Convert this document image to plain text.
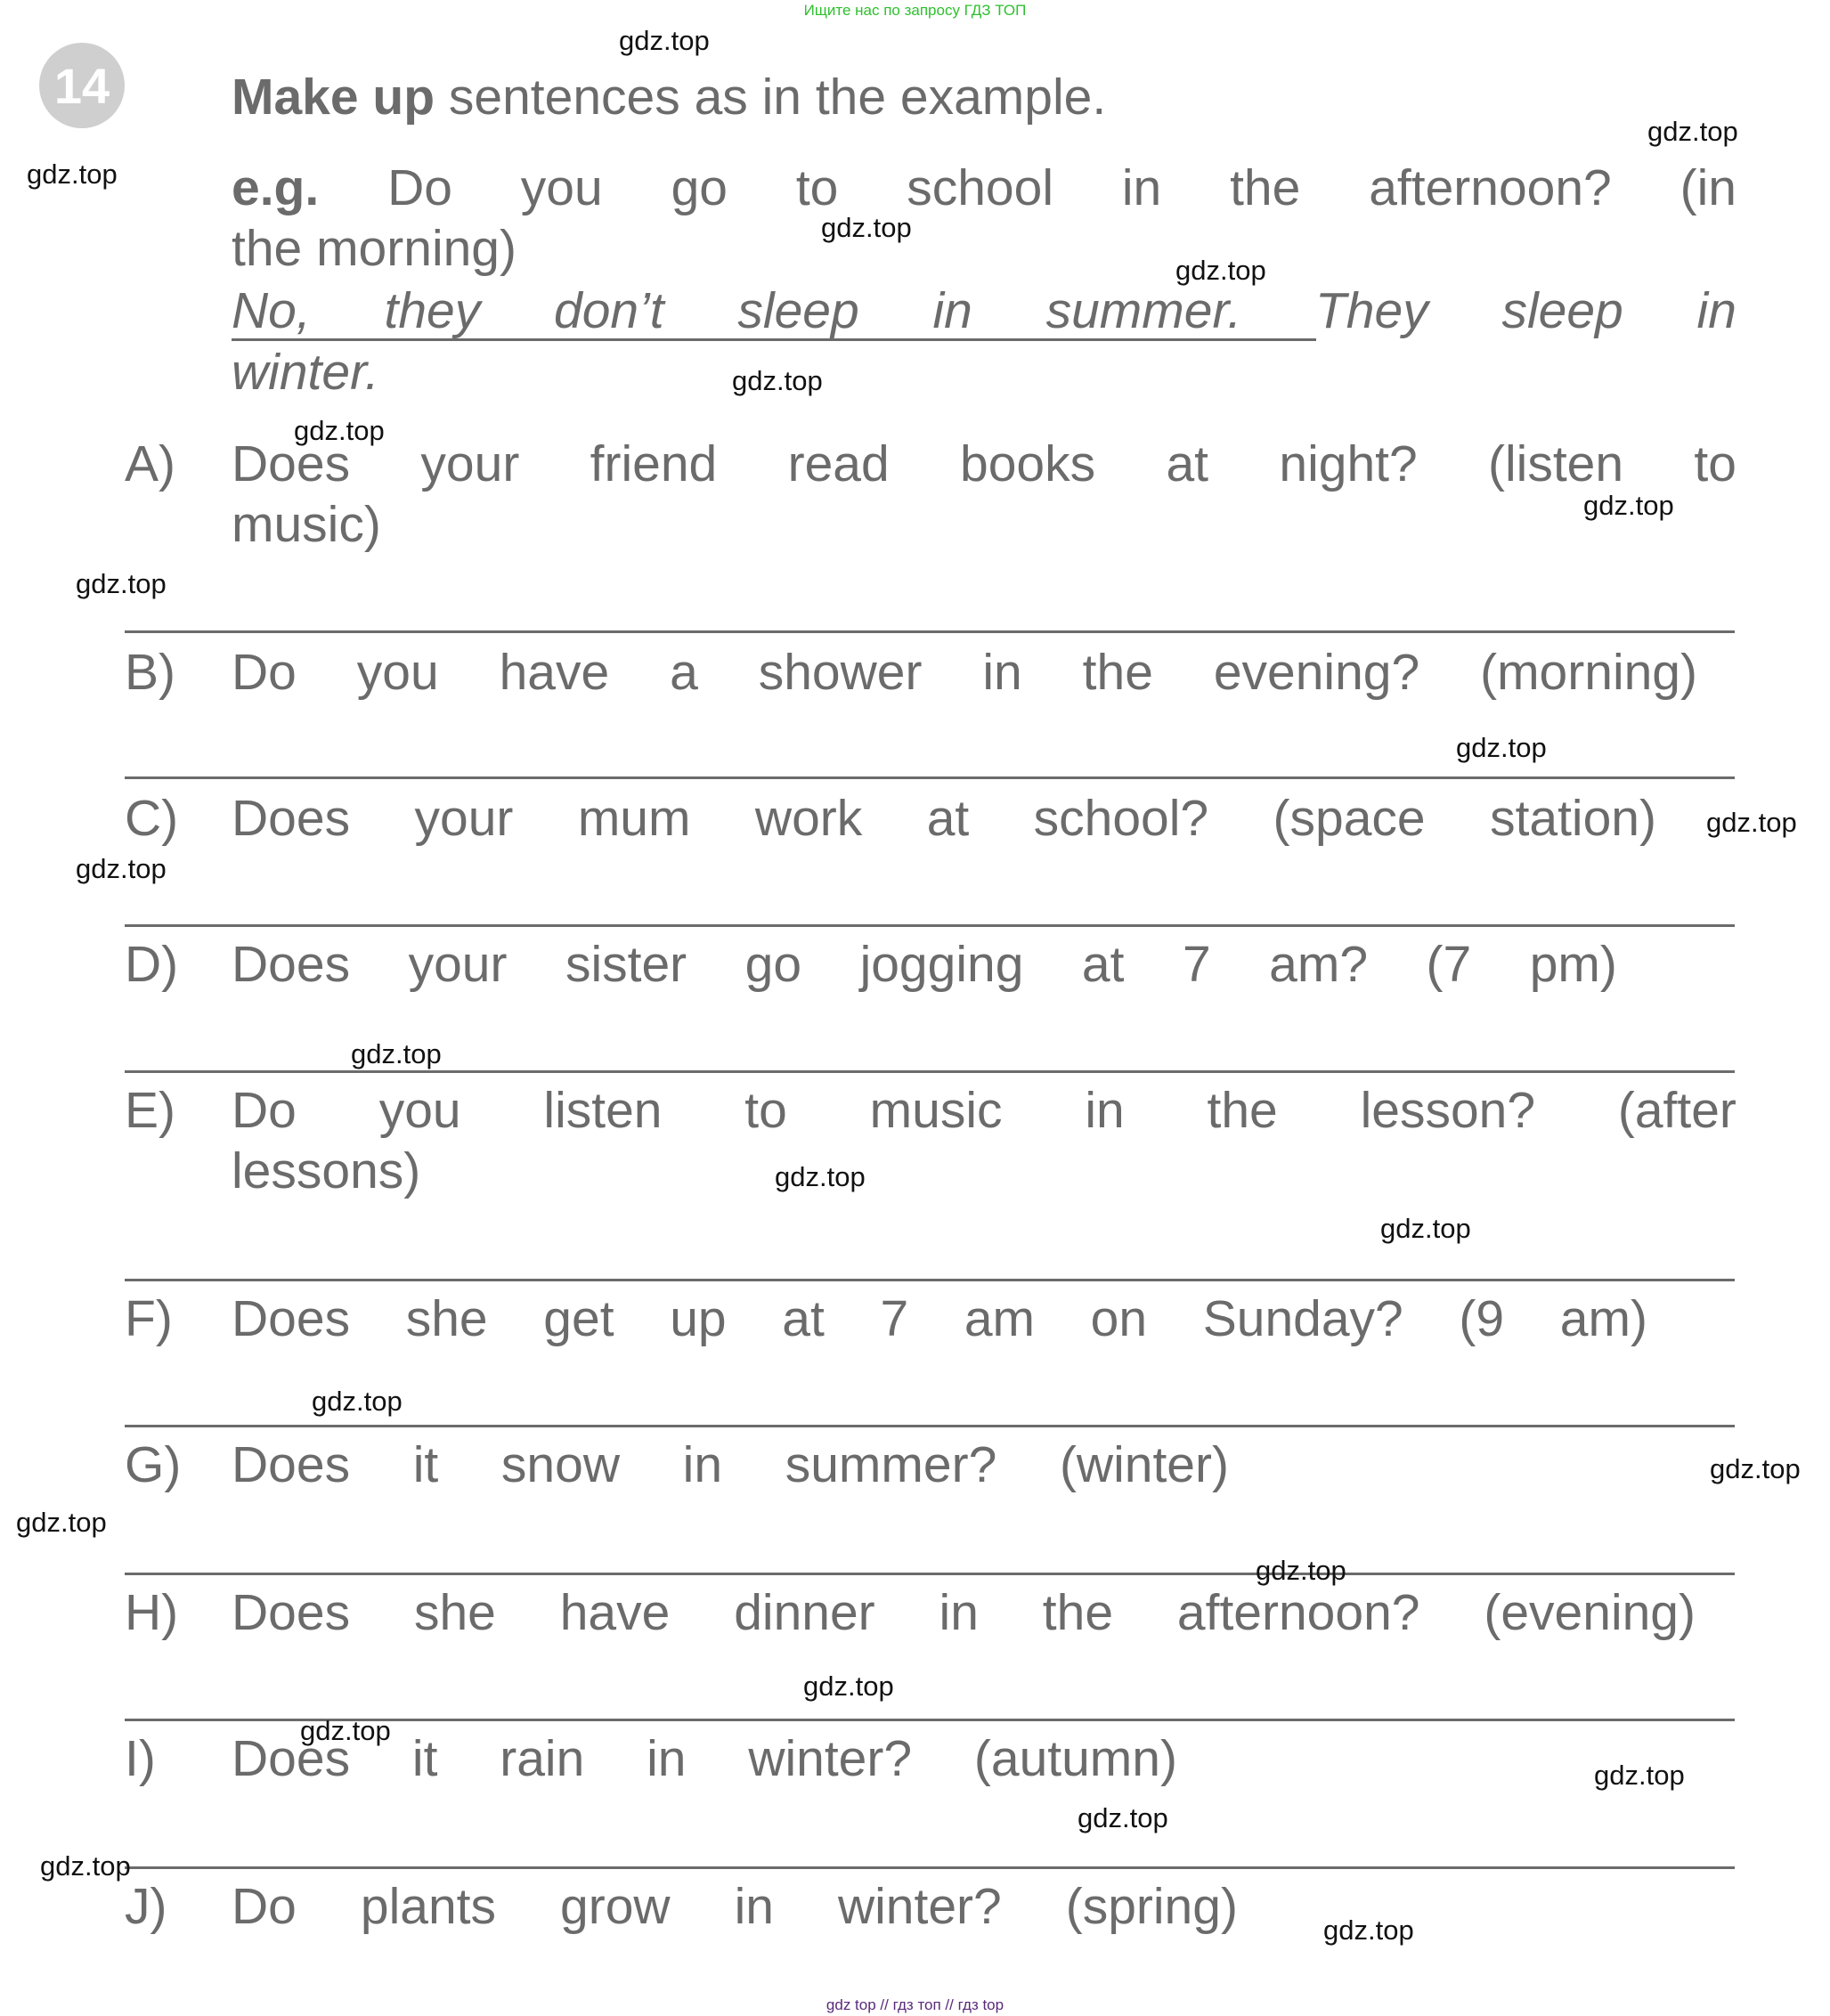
Ищите нас по запросу ГДЗ ТОП
14 Make up sentences as in the example.
e.g. Do you go to school in the afternoon? (in
the morning)
No, they don’t sleep in summer. They sleep in
winter.
A) Does your friend read books at night? (listen to
music)
B) Do you have a shower in the evening? (morning)
C) Does your mum work at school? (space station)
D) Does your sister go jogging at 7 am? (7 pm)
E) Do you listen to music in the lesson? (after
lessons)
F) Does she get up at 7 am on Sunday? (9 am)
G) Does it snow in summer? (winter)
H) Does she have dinner in the afternoon? (evening)
I) Does it rain in winter? (autumn)
J) Do plants grow in winter? (spring)
gdz.top
gdz.top
gdz.top
gdz.top
gdz.top
gdz.top
gdz.top
gdz.top
gdz.top
gdz.top
gdz.top
gdz.top
gdz.top
gdz.top
gdz.top
gdz.top
gdz.top
gdz.top
gdz.top
gdz.top
gdz.top
gdz.top
gdz.top
gdz.top
gdz.top
gdz top // гдз топ // гдз top
